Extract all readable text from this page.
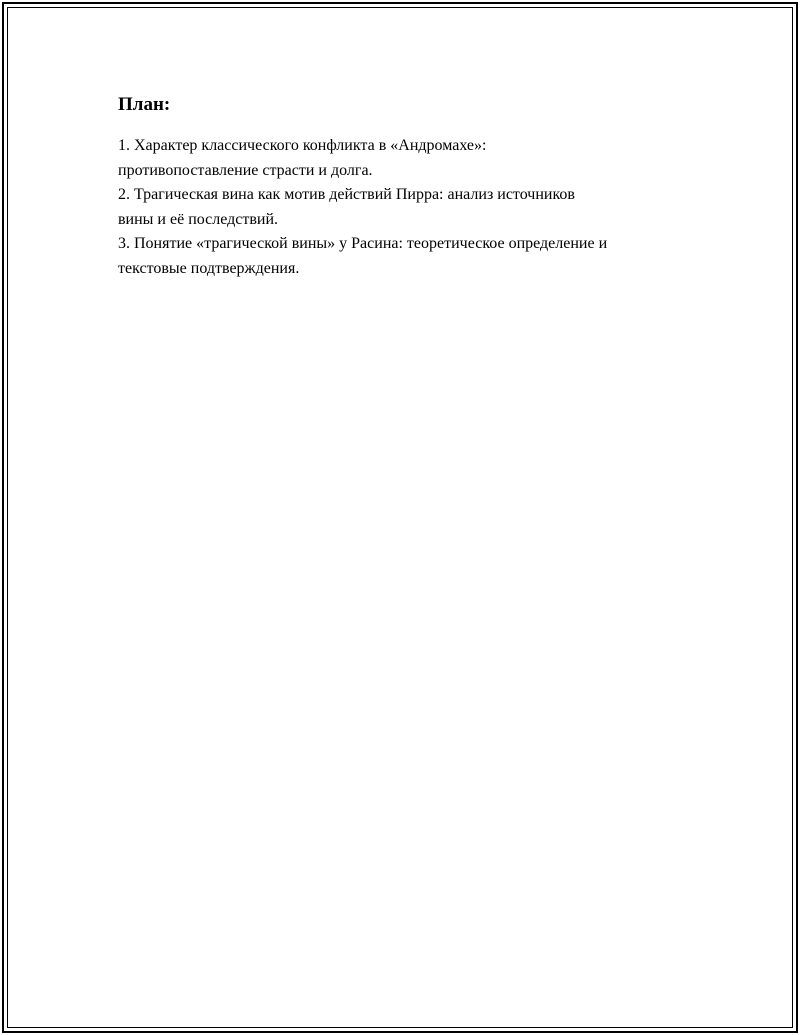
План:
1. Характер классического конфликта в «Андромахе»:
противопоставление страсти и долга.
2. Трагическая вина как мотив действий Пирра: анализ источников
вины и её последствий.
3. Понятие «трагической вины» у Расина: теоретическое определение и
текстовые подтверждения.
